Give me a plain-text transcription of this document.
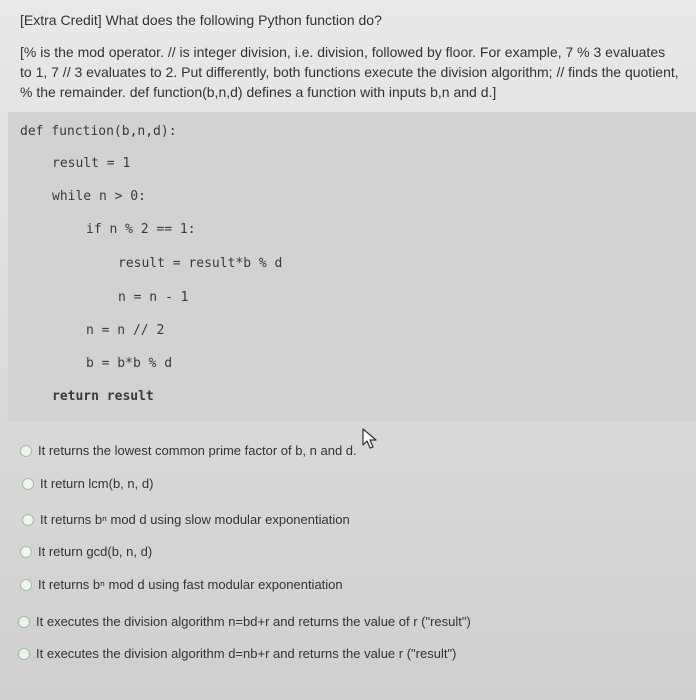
[Extra Credit] What does the following Python function do?
[% is the mod operator. // is integer division, i.e. division, followed by floor. For example, 7 % 3 evaluates to 1, 7 // 3 evaluates to 2. Put differently, both functions execute the division algorithm; // finds the quotient, % the remainder. def function(b,n,d) defines a function with inputs b,n and d.]
def function(b,n,d):
result = 1
while n > 0:
if n % 2 == 1:
result = result*b % d
n = n - 1
n = n // 2
b = b*b % d
return result
It returns the lowest common prime factor of b, n and d.
It return lcm(b, n, d)
It returns bⁿ mod d using slow modular exponentiation
It return gcd(b, n, d)
It returns bⁿ mod d using fast modular exponentiation
It executes the division algorithm n=bd+r and returns the value of r ("result")
It executes the division algorithm d=nb+r and returns the value r ("result")
